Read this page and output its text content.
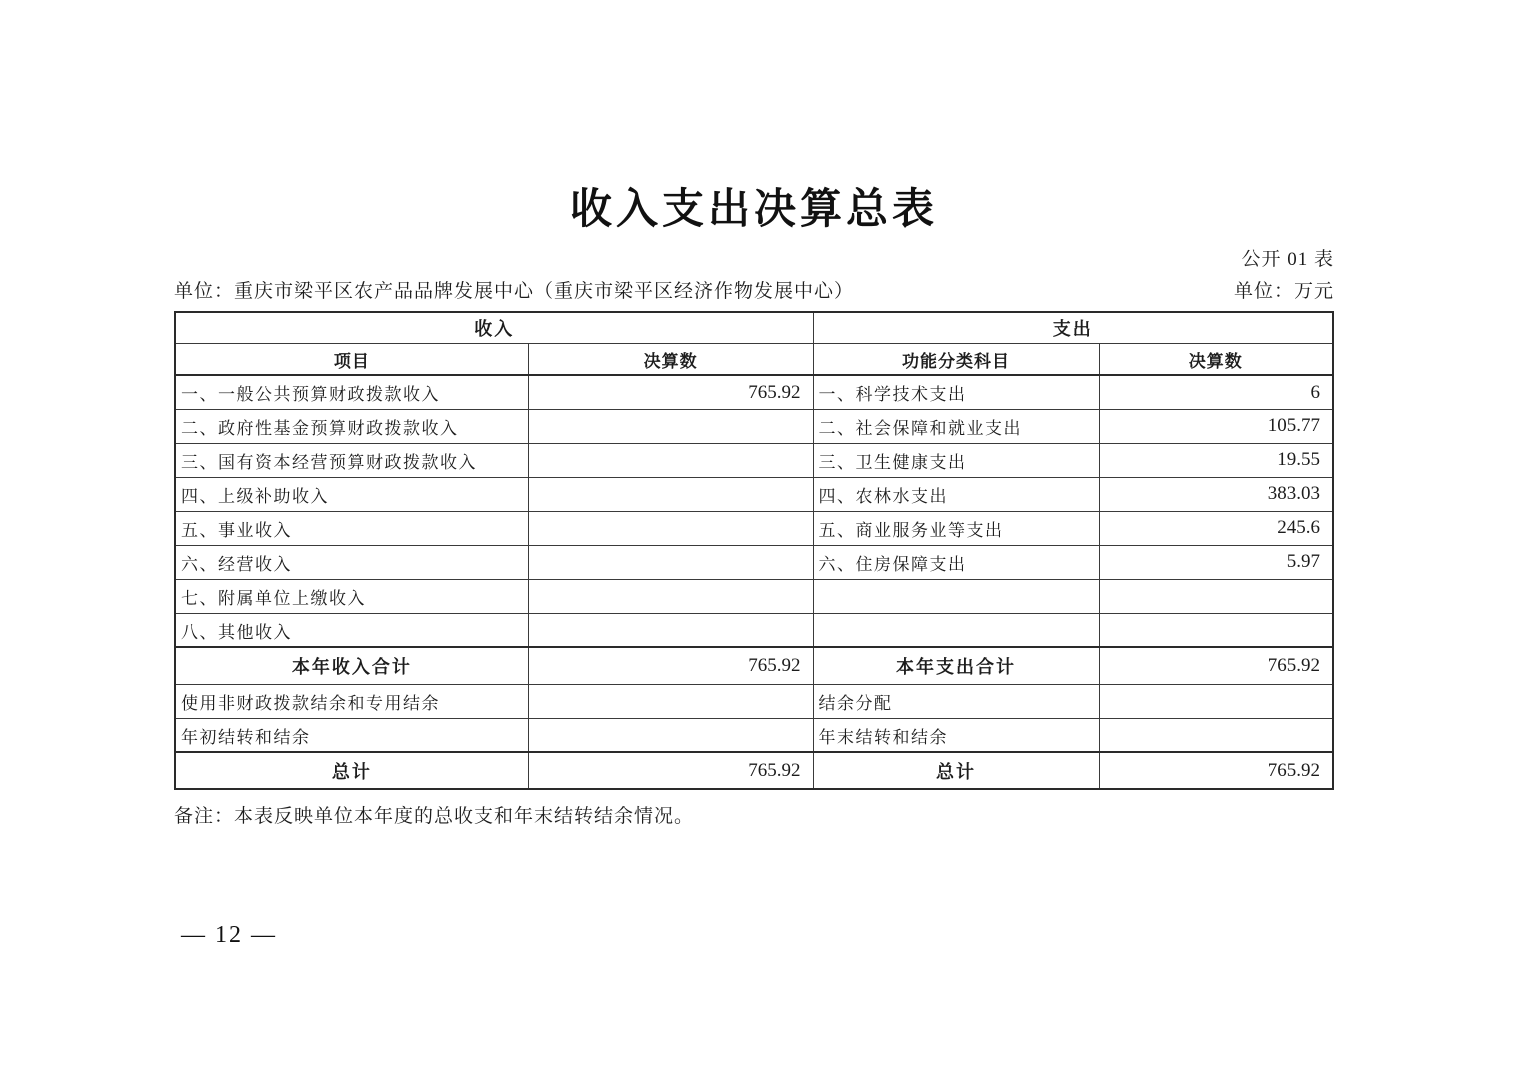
收入支出决算总表
公开 01 表
单位：重庆市梁平区农产品品牌发展中心（重庆市梁平区经济作物发展中心）	单位：万元
收入		支出	
项目	决算数	功能分类科目	决算数
一、一般公共预算财政拨款收入	765.92	一、科学技术支出	6
二、政府性基金预算财政拨款收入		二、社会保障和就业支出	105.77
三、国有资本经营预算财政拨款收入		三、卫生健康支出	19.55
四、上级补助收入		四、农林水支出	383.03
五、事业收入		五、商业服务业等支出	245.6
六、经营收入		六、住房保障支出	5.97
七、附属单位上缴收入			
八、其他收入			
本年收入合计	765.92	本年支出合计	765.92
使用非财政拨款结余和专用结余		结余分配	
年初结转和结余		年末结转和结余	
总计	765.92	总计	765.92
备注：本表反映单位本年度的总收支和年末结转结余情况。
— 12 —
